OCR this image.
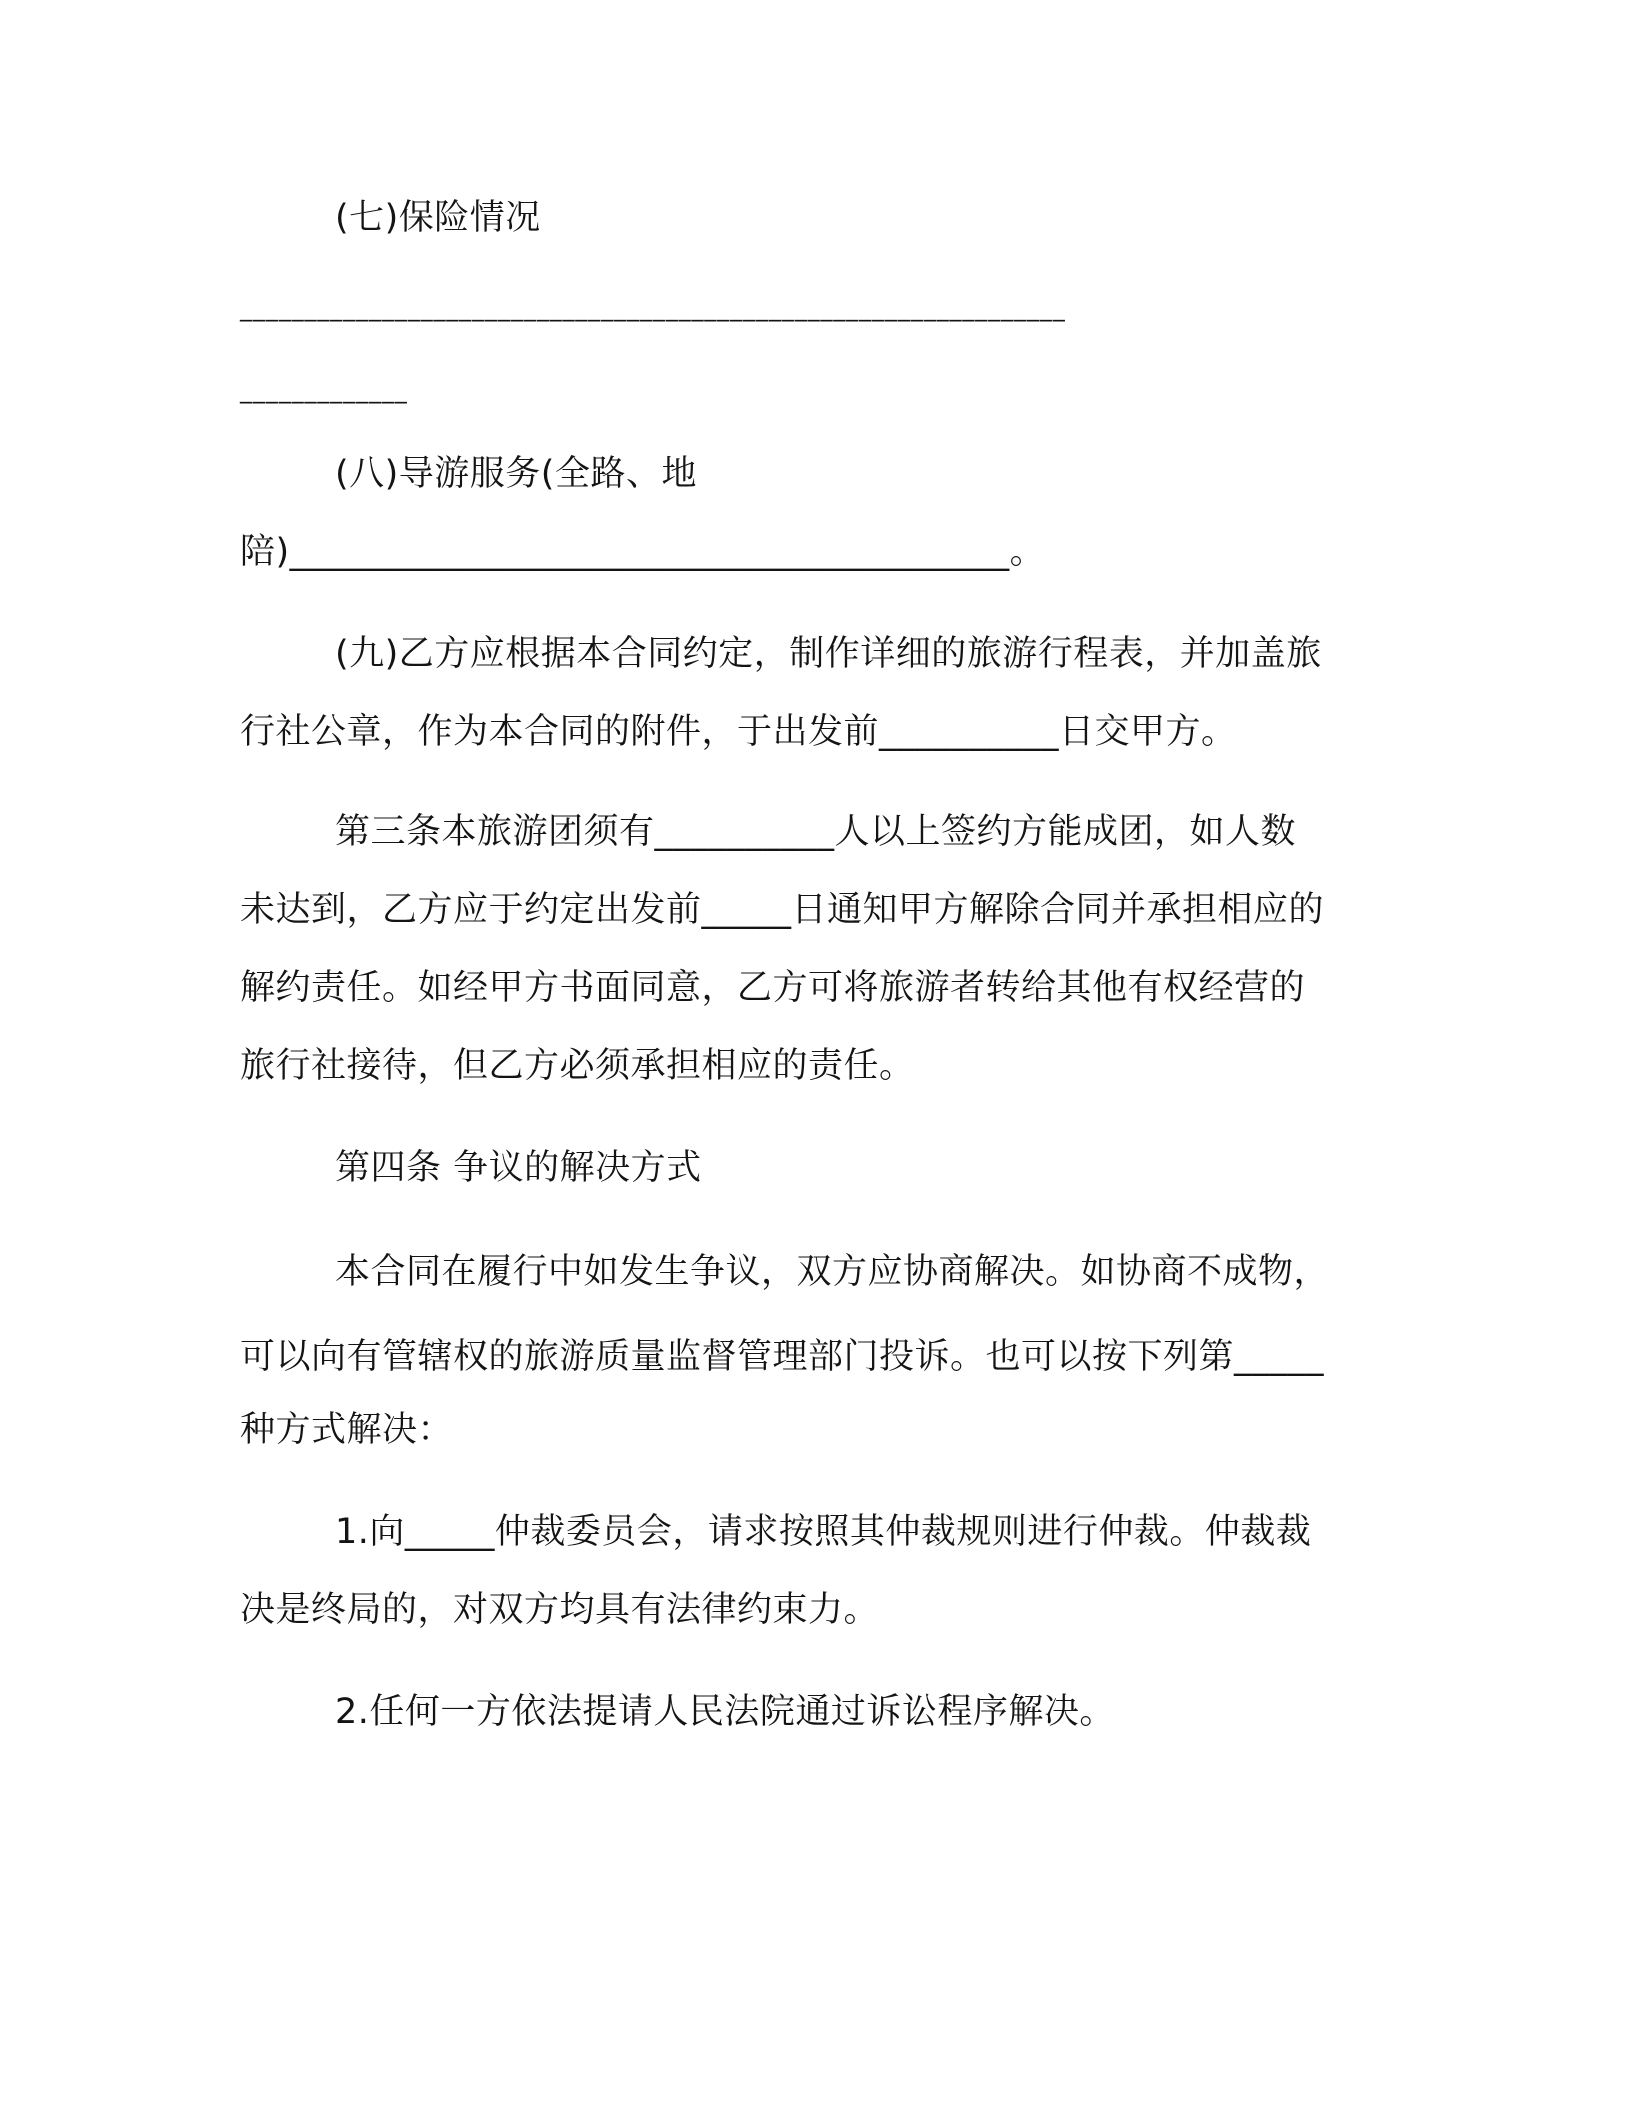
(七)保险情况
________________________________________________________________
_____________
(八)导游服务(全路、地
陪)________________________________________。
(九)乙方应根据本合同约定，制作详细的旅游行程表，并加盖旅
行社公章，作为本合同的附件，于出发前__________日交甲方。
第三条本旅游团须有__________人以上签约方能成团，如人数
未达到，乙方应于约定出发前_____日通知甲方解除合同并承担相应的
解约责任。如经甲方书面同意，乙方可将旅游者转给其他有权经营的
旅行社接待，但乙方必须承担相应的责任。
第四条 争议的解决方式
本合同在履行中如发生争议，双方应协商解决。如协商不成物，
可以向有管辖权的旅游质量监督管理部门投诉。也可以按下列第_____
种方式解决：
1.向_____仲裁委员会，请求按照其仲裁规则进行仲裁。仲裁裁
决是终局的，对双方均具有法律约束力。
2.任何一方依法提请人民法院通过诉讼程序解决。
